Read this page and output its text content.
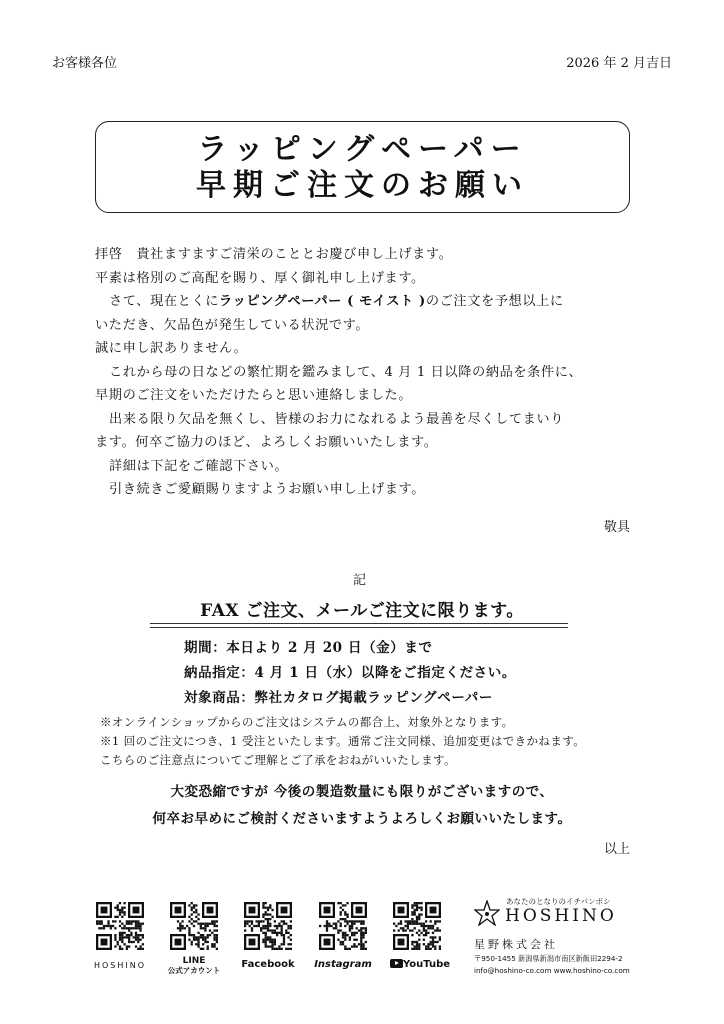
お客様各位	2026 年 2 月吉日
ラッピングペーパー
早期ご注文のお願い

拝啓　貴社ますますご清栄のこととお慶び申し上げます。

平素は格別のご高配を賜り、厚く御礼申し上げます。

さて、現在とくにラッピングペーパー ( モイスト )のご注文を予想以上に

いただき、欠品色が発生している状況です。

誠に申し訳ありません。

これから母の日などの繁忙期を鑑みまして、4 月 1 日以降の納品を条件に、

早期のご注文をいただけたらと思い連絡しました。

出来る限り欠品を無くし、皆様のお力になれるよう最善を尽くしてまいり

ます。何卒ご協力のほど、よろしくお願いいたします。

詳細は下記をご確認下さい。

引き続きご愛顧賜りますようお願い申し上げます。

敬具
記
FAX ご注文、メールご注文に限ります。
期間：本日より 2 月 20 日（金）まで
納品指定：4 月 1 日（水）以降をご指定ください。
対象商品：弊社カタログ掲載ラッピングペーパー
※オンラインショップからのご注文はシステムの都合上、対象外となります。
※1 回のご注文につき、1 受注といたします。通常ご注文同様、追加変更はできかねます。
こちらのご注意点についてご理解とご了承をおねがいいたします。
大変恐縮ですが 今後の製造数量にも限りがございますので、
何卒お早めにご検討くださいますようよろしくお願いいたします。
以上
HOSHINO	LINE
公式アカウント
Facebook	Instagram	YouTube
あなたのとなりのイチバンボシ
HOSHINO
星野株式会社
〒950-1455 新潟県新潟市南区新飯田2294-2
info@hoshino-co.com www.hoshino-co.com
